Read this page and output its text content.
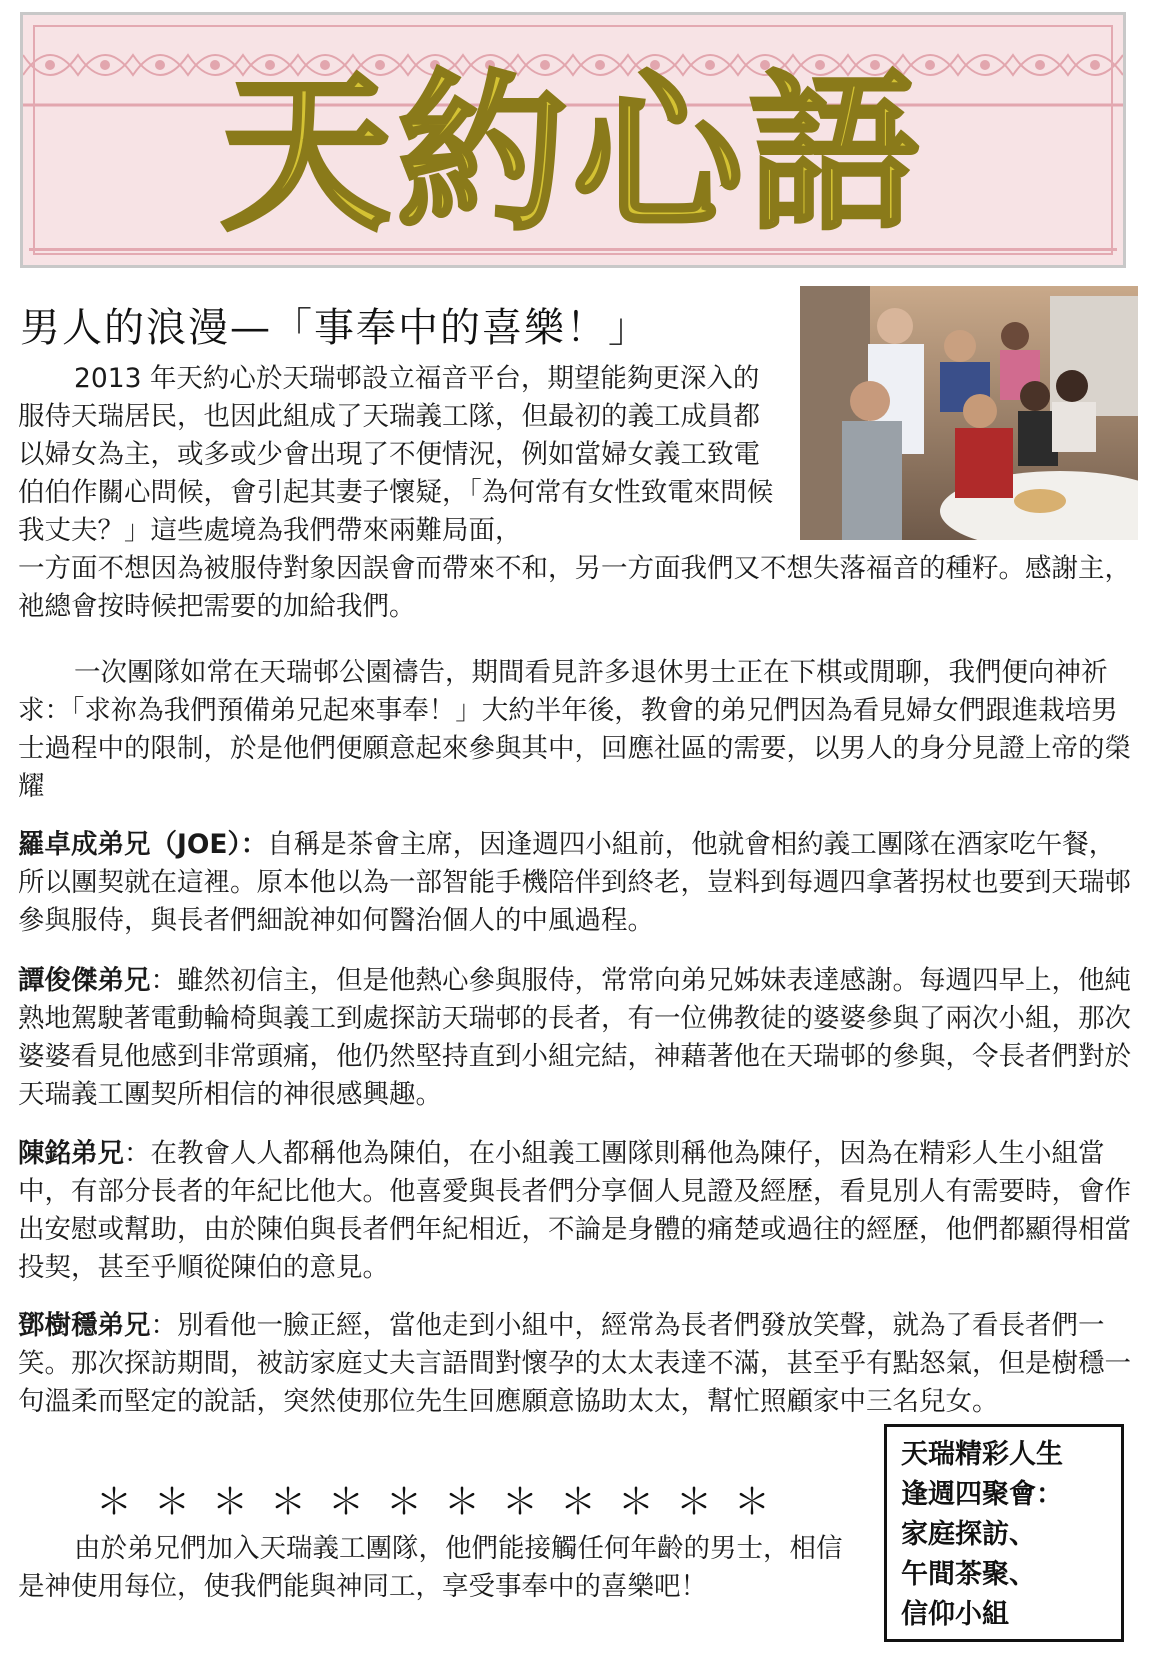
天約心語
男人的浪漫—「事奉中的喜樂！」
2013 年天約心於天瑞邨設立福音平台，期望能夠更深入的服侍天瑞居民，也因此組成了天瑞義工隊，但最初的義工成員都以婦女為主，或多或少會出現了不便情況，例如當婦女義工致電伯伯作關心問候，會引起其妻子懷疑，「為何常有女性致電來問候我丈夫？」這些處境為我們帶來兩難局面，
一方面不想因為被服侍對象因誤會而帶來不和，另一方面我們又不想失落福音的種籽。感謝主，祂總會按時候把需要的加給我們。
一次團隊如常在天瑞邨公園禱告，期間看見許多退休男士正在下棋或閒聊，我們便向神祈求：「求祢為我們預備弟兄起來事奉！」大約半年後，教會的弟兄們因為看見婦女們跟進栽培男士過程中的限制，於是他們便願意起來參與其中，回應社區的需要，以男人的身分見證上帝的榮耀
羅卓成弟兄（JOE）：自稱是茶會主席，因逢週四小組前，他就會相約義工團隊在酒家吃午餐，所以團契就在這裡。原本他以為一部智能手機陪伴到終老，豈料到每週四拿著拐杖也要到天瑞邨參與服侍，與長者們細說神如何醫治個人的中風過程。
譚俊傑弟兄：雖然初信主，但是他熱心參與服侍，常常向弟兄姊妹表達感謝。每週四早上，他純熟地駕駛著電動輪椅與義工到處探訪天瑞邨的長者，有一位佛教徒的婆婆參與了兩次小組，那次婆婆看見他感到非常頭痛，他仍然堅持直到小組完結，神藉著他在天瑞邨的參與，令長者們對於天瑞義工團契所相信的神很感興趣。
陳銘弟兄：在教會人人都稱他為陳伯，在小組義工團隊則稱他為陳仔，因為在精彩人生小組當中，有部分長者的年紀比他大。他喜愛與長者們分享個人見證及經歷，看見別人有需要時，會作出安慰或幫助，由於陳伯與長者們年紀相近，不論是身體的痛楚或過往的經歷，他們都顯得相當投契，甚至乎順從陳伯的意見。
鄧樹穩弟兄：別看他一臉正經，當他走到小組中，經常為長者們發放笑聲，就為了看長者們一笑。那次探訪期間，被訪家庭丈夫言語間對懷孕的太太表達不滿，甚至乎有點怒氣，但是樹穩一句溫柔而堅定的說話，突然使那位先生回應願意協助太太，幫忙照顧家中三名兒女。
＊＊＊＊＊＊＊＊＊＊＊＊
由於弟兄們加入天瑞義工團隊，他們能接觸任何年齡的男士，相信是神使用每位，使我們能與神同工，享受事奉中的喜樂吧！
天瑞精彩人生
逢週四聚會：
家庭探訪、
午間茶聚、
信仰小組
